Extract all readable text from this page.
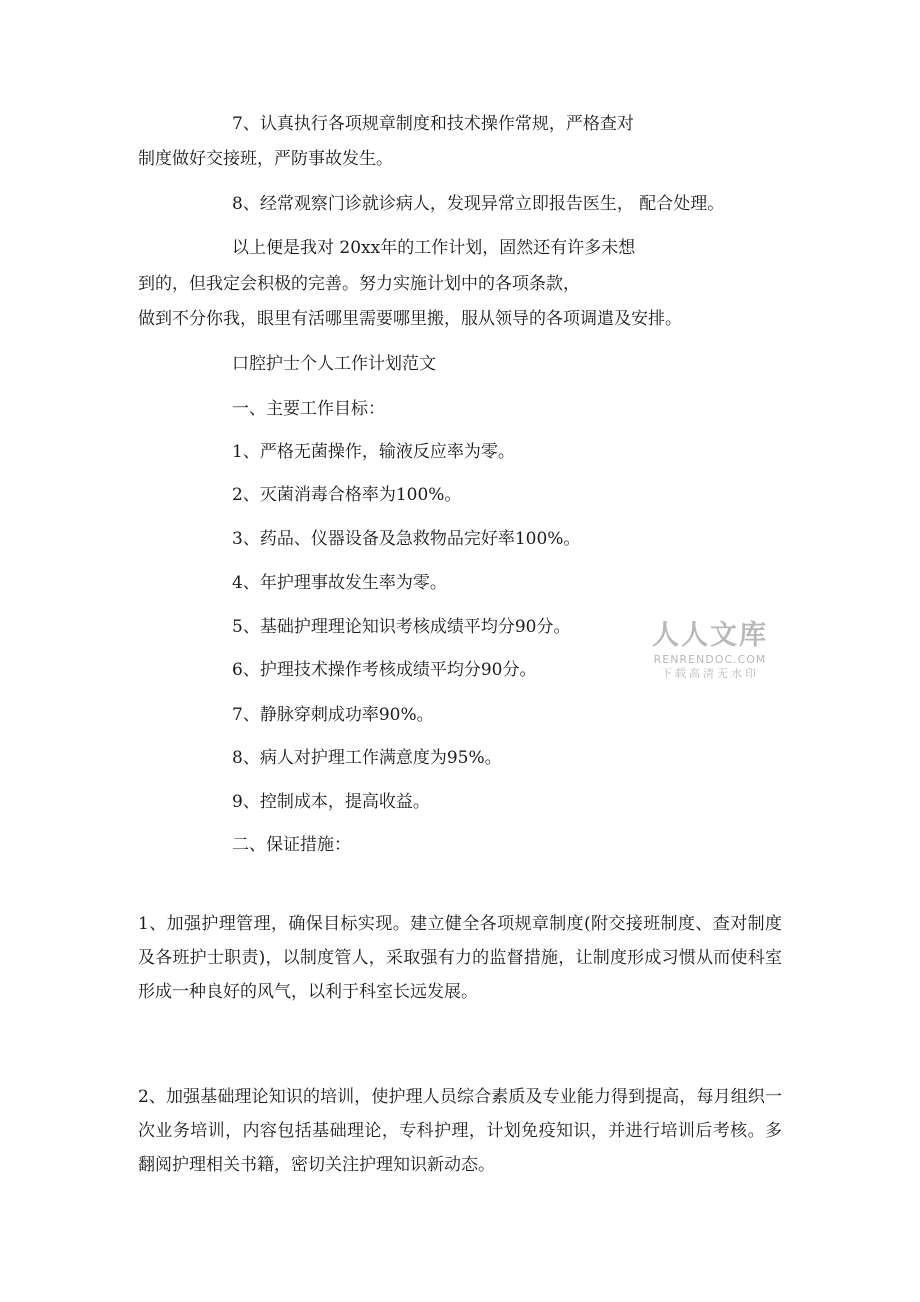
7、认真执行各项规章制度和技术操作常规，严格查对

制度做好交接班，严防事故发生。

8、经常观察门诊就诊病人，发现异常立即报告医生， 配合处理。

以上便是我对 20xx年的工作计划，固然还有许多未想

到的，但我定会积极的完善。努力实施计划中的各项条款，

做到不分你我，眼里有活哪里需要哪里搬，服从领导的各项调遣及安排。

口腔护士个人工作计划范文

一、主要工作目标：

1、严格无菌操作，输液反应率为零。

2、灭菌消毒合格率为100%。

3、药品、仪器设备及急救物品完好率100%。

4、年护理事故发生率为零。

5、基础护理理论知识考核成绩平均分90分。

6、护理技术操作考核成绩平均分90分。

7、静脉穿刺成功率90%。

8、病人对护理工作满意度为95%。

9、控制成本，提高收益。

二、保证措施：

1、加强护理管理，确保目标实现。建立健全各项规章制度(附交接班制度、查对制度及各班护士职责)，以制度管人，采取强有力的监督措施，让制度形成习惯从而使科室形成一种良好的风气，以利于科室长远发展。

2、加强基础理论知识的培训，使护理人员综合素质及专业能力得到提高，每月组织一次业务培训，内容包括基础理论，专科护理，计划免疫知识，并进行培训后考核。多翻阅护理相关书籍，密切关注护理知识新动态。

人人文库
RENRENDOC.COM
下载高清无水印
